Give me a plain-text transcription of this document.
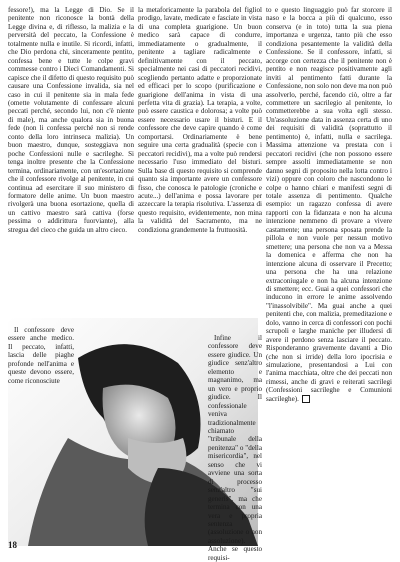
fessore!), ma la Legge di Dio. Se il penitente non riconosce la bontà della Legge divina e, di riflesso, la malizia e la perversità del peccato, la Confessione è totalmente nulla e inutile. Si ricordi, infatti, che Dio perdona chi, sinceramente pentito, confessa bene e tutte le colpe gravi commesse contro i Dieci Comandamenti. Si capisce che il difetto di questo requisito può causare una Confessione invalida, sia nel caso in cui il penitente sia in mala fede (omette volutamente di confessare alcuni peccati perché, secondo lui, non c'è niente di male), ma anche qualora sia in buona fede (non li confessa perché non si rende conto della loro intrinseca malizia). Un buon maestro, dunque, sosteggiava non poche Confessioni nulle e sacrileghe. Si tenga inoltre presente che la Confessione termina, ordinariamente, con un'esortazione che il confessore rivolge al penitente, in cui continua ad esercitare il suo ministero di formatore delle anime. Un buon maestro rivolgerà una buona esortazione, quella di un cattivo maestro sarà cattiva (forse pessima o addirittura fuorviante), alla stregua del cieco che guida un altro cieco.

Il confessore deve essere anche medico. Il peccato, infatti, lascia delle piaghe profonde nell'anima e queste devono essere, come riconosciute

la metaforicamente la parabola del figliol prodigo, lavate, medicate e fasciate in vista di una completa guarigione. Un buon medico sarà capace di condurre, immediatamente o gradualmente, il penitente a tagliare radicalmente e definitivamente con il peccato, specialmente nei casi di peccatori recidivi, scegliendo pertanto adatte e proporzionate ed efficaci per lo scopo (purificazione e guarigione dell'anima in vista di una perfetta vita di grazia). La terapia, a volte, può essere caustica e dolorosa; a volte può essere necessario usare il bisturi. E il confessore che deve capire quando è come comportarsi. Ordinariamente è bene seguire una certa gradualità (specie con i peccatori recidivi), ma a volte può rendersi necessario l'uso immediato del bisturi. Sulla base di questo requisito si comprende quanto sia importante avere un confessore fisso, che conosca le patologie (croniche e acute...) dell'anima e possa lavorare per azzeccare la terapia risolutiva. L'assenza di questo requisito, evidentemente, non mina la validità del Sacramento, ma ne condiziona grandemente la fruttuosità.

Infine il confessore deve essere giudice. Un giudice senz'altro elemento e magnanimo, ma un vero e proprio giudice. Il confessionale veniva tradizionalmente chiamato "tribunale della penitenza" o "della misericordia", nel senso che vi avviene una sorta di processo senz'altro "sui generis", ma che termina con una vera e propria sentenza (assoluzione o non assoluzione). Anche se questo requisi-

to e questo linguaggio può far storcere il naso e la bocca a più di qualcuno, esso conserva (e in toto) tutta la sua piena importanza e urgenza, tanto più che esso condiziona pesantemente la validità della Confessione. Se il confessore, infatti, si accorge con certezza che il penitente non è pentito e non reagisce positivamente agli inviti al pentimento fatti durante la Confessione, non solo non deve ma non può assolverlo, perché, facendo ciò, oltre a far commettere un sacrilegio al penitente, lo commetterebbe a sua volta egli stesso. Un'assoluzione data in assenza certa di uno dei requisiti di validità (soprattutto il pentimento) è, infatti, nulla e sacrilega. Massima attenzione va prestata con i peccatori recidivi (che non possono essere sempre assolti immediatamente se non danno segni di proposito nella lotta contro i vizi) oppure con coloro che nascondono le colpe o hanno chiari e manifesti segni di totale assenza di pentimento. Qualche esempio: un ragazzo confessa di avere rapporti con la fidanzata e non ha alcuna intenzione nemmeno di provare a vivere castamente; una persona sposata prende la pillola e non vuole per nessun motivo smettere; una persona che non va a Messa la domenica e afferma che non ha intenzione alcuna di osservare il Precetto; una persona che ha una relazione extraconiugale e non ha alcuna intenzione di smettere; ecc. Guai a quei confessori che inducono in errore le anime assolvendo "l'inassolvibile". Ma guai anche a quei penitenti che, con malizia, premeditazione e dolo, vanno in cerca di confessori con pochi scrupoli e larghe maniche per illudersi di avere il perdono senza lasciare il peccato. Risponderanno gravemente davanti a Dio (che non si irride) della loro ipocrisia e simulazione, presentandosi a Lui con l'anima macchiata, oltre che dei peccati non rimessi, anche di gravi e reiterati sacrilegi (Confessioni sacrileghe e Comunioni sacrileghe).

18
